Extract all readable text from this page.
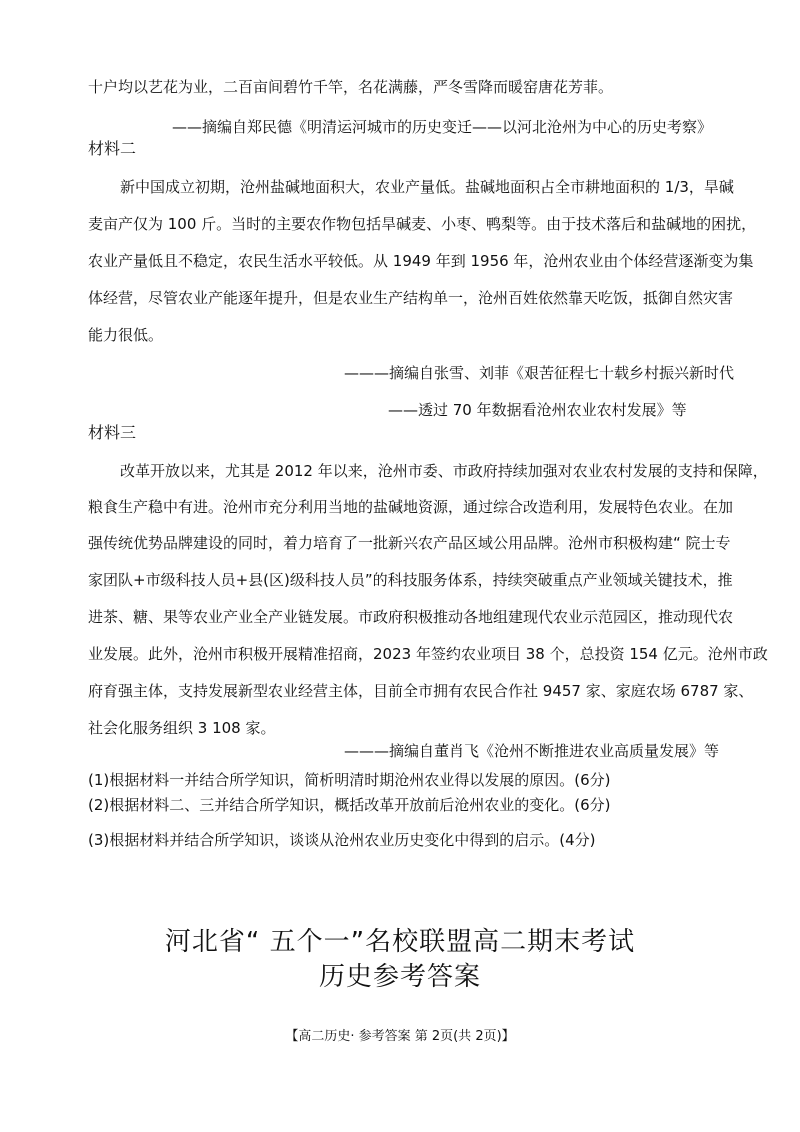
十户均以艺花为业，二百亩间碧竹千竿，名花满藤，严冬雪降而暖窑唐花芳菲。
——摘编自郑民德《明清运河城市的历史变迁——以河北沧州为中心的历史考察》
材料二
新中国成立初期，沧州盐碱地面积大，农业产量低。盐碱地面积占全市耕地面积的 1/3，旱碱
麦亩产仅为 100 斤。当时的主要农作物包括旱碱麦、小枣、鸭梨等。由于技术落后和盐碱地的困扰，
农业产量低且不稳定，农民生活水平较低。从 1949 年到 1956 年，沧州农业由个体经营逐渐变为集
体经营，尽管农业产能逐年提升，但是农业生产结构单一，沧州百姓依然靠天吃饭，抵御自然灾害
能力很低。
———摘编自张雪、刘菲《艰苦征程七十载乡村振兴新时代
——透过 70 年数据看沧州农业农村发展》等
材料三
改革开放以来，尤其是 2012 年以来，沧州市委、市政府持续加强对农业农村发展的支持和保障，
粮食生产稳中有进。沧州市充分利用当地的盐碱地资源，通过综合改造利用，发展特色农业。在加
强传统优势品牌建设的同时，着力培育了一批新兴农产品区域公用品牌。沧州市积极构建“ 院士专
家团队+市级科技人员+县(区)级科技人员”的科技服务体系，持续突破重点产业领域关键技术，推
进茶、糖、果等农业产业全产业链发展。市政府积极推动各地组建现代农业示范园区，推动现代农
业发展。此外，沧州市积极开展精准招商，2023 年签约农业项目 38 个，总投资 154 亿元。沧州市政
府育强主体，支持发展新型农业经营主体，目前全市拥有农民合作社 9457 家、家庭农场 6787 家、
社会化服务组织 3 108 家。
———摘编自董肖飞《沧州不断推进农业高质量发展》等
(1)根据材料一并结合所学知识，简析明清时期沧州农业得以发展的原因。(6分)
(2)根据材料二、三并结合所学知识，概括改革开放前后沧州农业的变化。(6分)
(3)根据材料并结合所学知识，谈谈从沧州农业历史变化中得到的启示。(4分)
河北省“ 五个一”名校联盟高二期末考试
历史参考答案
【高二历史· 参考答案 第 2页(共 2页)】
